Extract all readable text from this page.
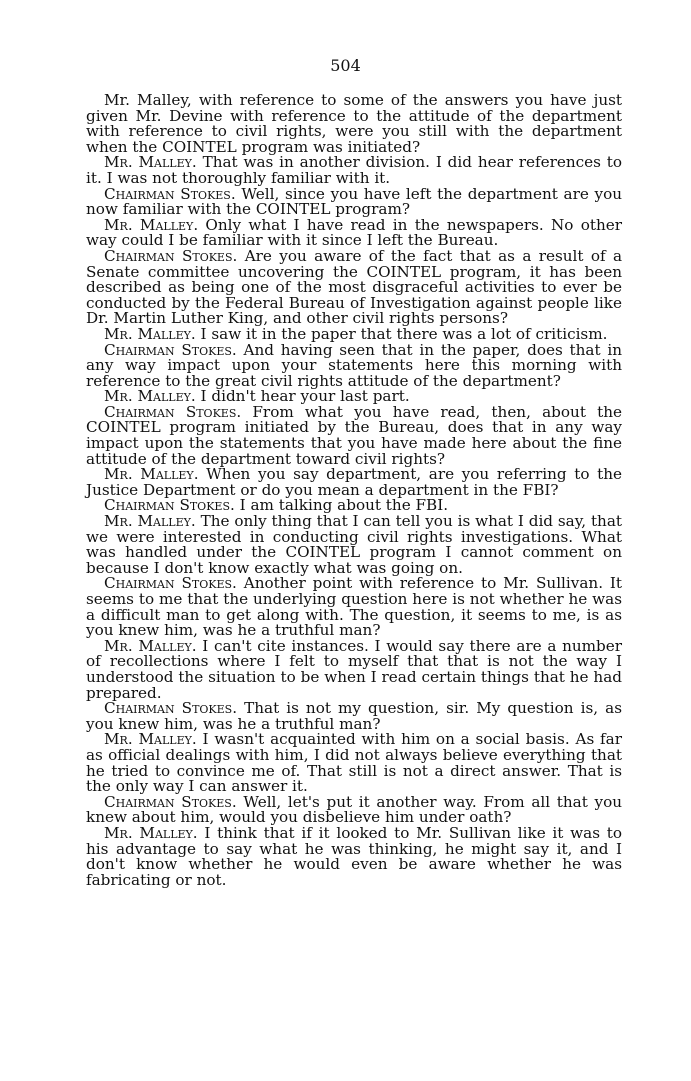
504

Mr. Malley, with reference to some of the answers you have just given Mr. Devine with reference to the attitude of the department with reference to civil rights, were you still with the department when the COINTEL program was initiated?

Mr. Malley. That was in another division. I did hear references to it. I was not thoroughly familiar with it.

Chairman Stokes. Well, since you have left the department are you now familiar with the COINTEL program?

Mr. Malley. Only what I have read in the newspapers. No other way could I be familiar with it since I left the Bureau.

Chairman Stokes. Are you aware of the fact that as a result of a Senate committee uncovering the COINTEL program, it has been described as being one of the most disgraceful activities to ever be conducted by the Federal Bureau of Investigation against people like Dr. Martin Luther King, and other civil rights persons?

Mr. Malley. I saw it in the paper that there was a lot of criticism.

Chairman Stokes. And having seen that in the paper, does that in any way impact upon your statements here this morning with reference to the great civil rights attitude of the department?

Mr. Malley. I didn't hear your last part.

Chairman Stokes. From what you have read, then, about the COINTEL program initiated by the Bureau, does that in any way impact upon the statements that you have made here about the fine attitude of the department toward civil rights?

Mr. Malley. When you say department, are you referring to the Justice Department or do you mean a department in the FBI?

Chairman Stokes. I am talking about the FBI.

Mr. Malley. The only thing that I can tell you is what I did say, that we were interested in conducting civil rights investigations. What was handled under the COINTEL program I cannot comment on because I don't know exactly what was going on.

Chairman Stokes. Another point with reference to Mr. Sullivan. It seems to me that the underlying question here is not whether he was a difficult man to get along with. The question, it seems to me, is as you knew him, was he a truthful man?

Mr. Malley. I can't cite instances. I would say there are a number of recollections where I felt to myself that that is not the way I understood the situation to be when I read certain things that he had prepared.

Chairman Stokes. That is not my question, sir. My question is, as you knew him, was he a truthful man?

Mr. Malley. I wasn't acquainted with him on a social basis. As far as official dealings with him, I did not always believe everything that he tried to convince me of. That still is not a direct answer. That is the only way I can answer it.

Chairman Stokes. Well, let's put it another way. From all that you knew about him, would you disbelieve him under oath?

Mr. Malley. I think that if it looked to Mr. Sullivan like it was to his advantage to say what he was thinking, he might say it, and I don't know whether he would even be aware whether he was fabricating or not.
